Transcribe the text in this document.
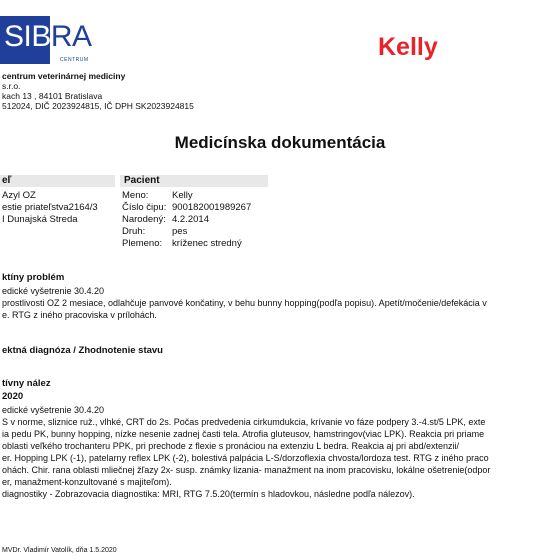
SIBRA
CENTRUM	Kelly
centrum veterinárnej mediciny
s.r.o.
kach 13 , 84101 Bratislava
512024, DIČ 2023924815, IČ DPH SK2023924815
Medicínska dokumentácia
eľ	Pacient
Azyl OZ
estie priateľstva2164/3
I Dunajská Streda
Meno: Kelly
Číslo čipu: 900182001989267
Narodený: 4.2.2014
Druh:	pes
Plemeno: kríženec stredný
ktíny problém
edické vyšetrenie 30.4.20
prostlivosti OZ 2 mesiace, odlahčuje panvové končatiny, v behu bunny hopping(podľa popisu). Apetít/močenie/defekácia v
e. RTG z iného pracoviska v prílohách.
ektná diagnóza / Zhodnotenie stavu
tívny nález
2020
edické vyšetrenie 30.4.20
S v norme, sliznice ruž., vlhké, CRT do 2s. Počas predvedenia cirkumdukcia, krívanie vo fáze podpery 3.-4.st/5 LPK, exte
ia pedu PK, bunny hopping, nízke nesenie zadnej časti tela. Atrofia gluteusov, hamstringov(viac LPK). Reakcia pri priame
oblasti veľkého trochanteru PPK, pri prechode z flexie s pronáciou na extenziu L bedra. Reakcia aj pri abd/extenzii/
er. Hopping LPK (-1), patelarny reflex LPK (-2), bolestivá palpácia L-S/dorzoflexia chvosta/lordoza test. RTG z iného praco
ohách. Chir. rana oblasti mliečnej žľazy 2x- susp. známky lizania- manažment na inom pracovisku, lokálne ošetrenie(odpor
er, manažment-konzultované s majiteľom).
diagnostiky - Zobrazovacia diagnostika: MRI, RTG 7.5.20(termín s hladovkou, následne podľa nálezov).
MVDr. Vladimír Vatolík, dňa 1.5.2020
